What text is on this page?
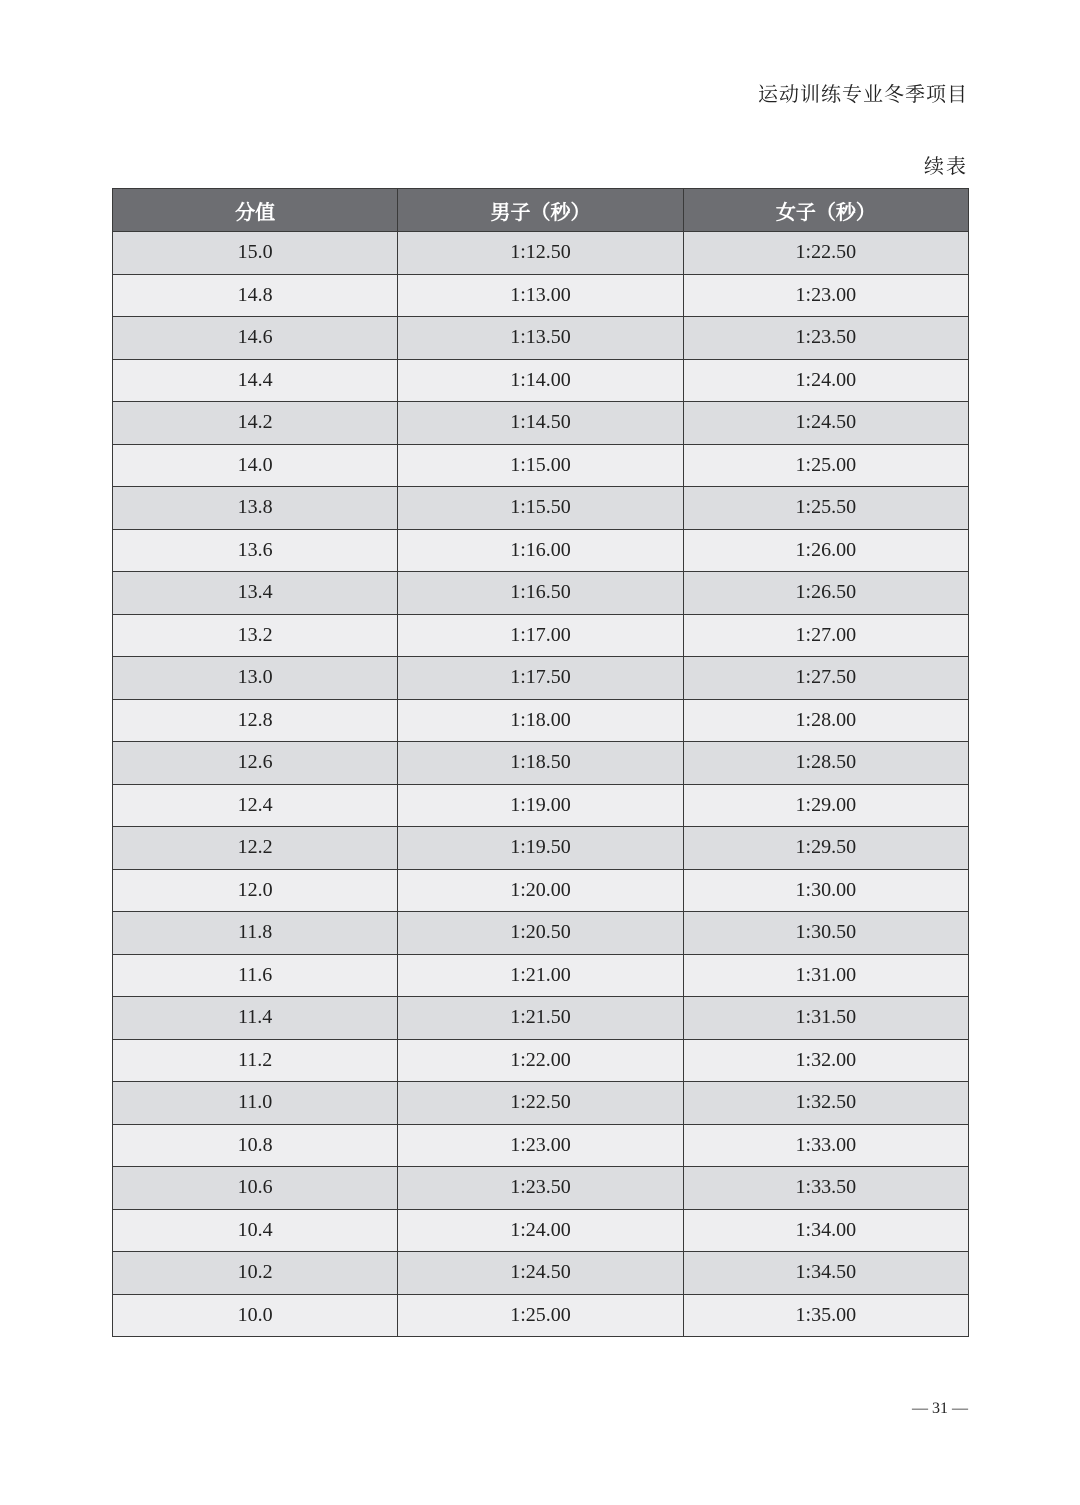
运动训练专业冬季项目
续表
分值	男子（秒）	女子（秒）
15.0	1:12.50	1:22.50
14.8	1:13.00	1:23.00
14.6	1:13.50	1:23.50
14.4	1:14.00	1:24.00
14.2	1:14.50	1:24.50
14.0	1:15.00	1:25.00
13.8	1:15.50	1:25.50
13.6	1:16.00	1:26.00
13.4	1:16.50	1:26.50
13.2	1:17.00	1:27.00
13.0	1:17.50	1:27.50
12.8	1:18.00	1:28.00
12.6	1:18.50	1:28.50
12.4	1:19.00	1:29.00
12.2	1:19.50	1:29.50
12.0	1:20.00	1:30.00
11.8	1:20.50	1:30.50
11.6	1:21.00	1:31.00
11.4	1:21.50	1:31.50
11.2	1:22.00	1:32.00
11.0	1:22.50	1:32.50
10.8	1:23.00	1:33.00
10.6	1:23.50	1:33.50
10.4	1:24.00	1:34.00
10.2	1:24.50	1:34.50
10.0	1:25.00	1:35.00
— 31 —
